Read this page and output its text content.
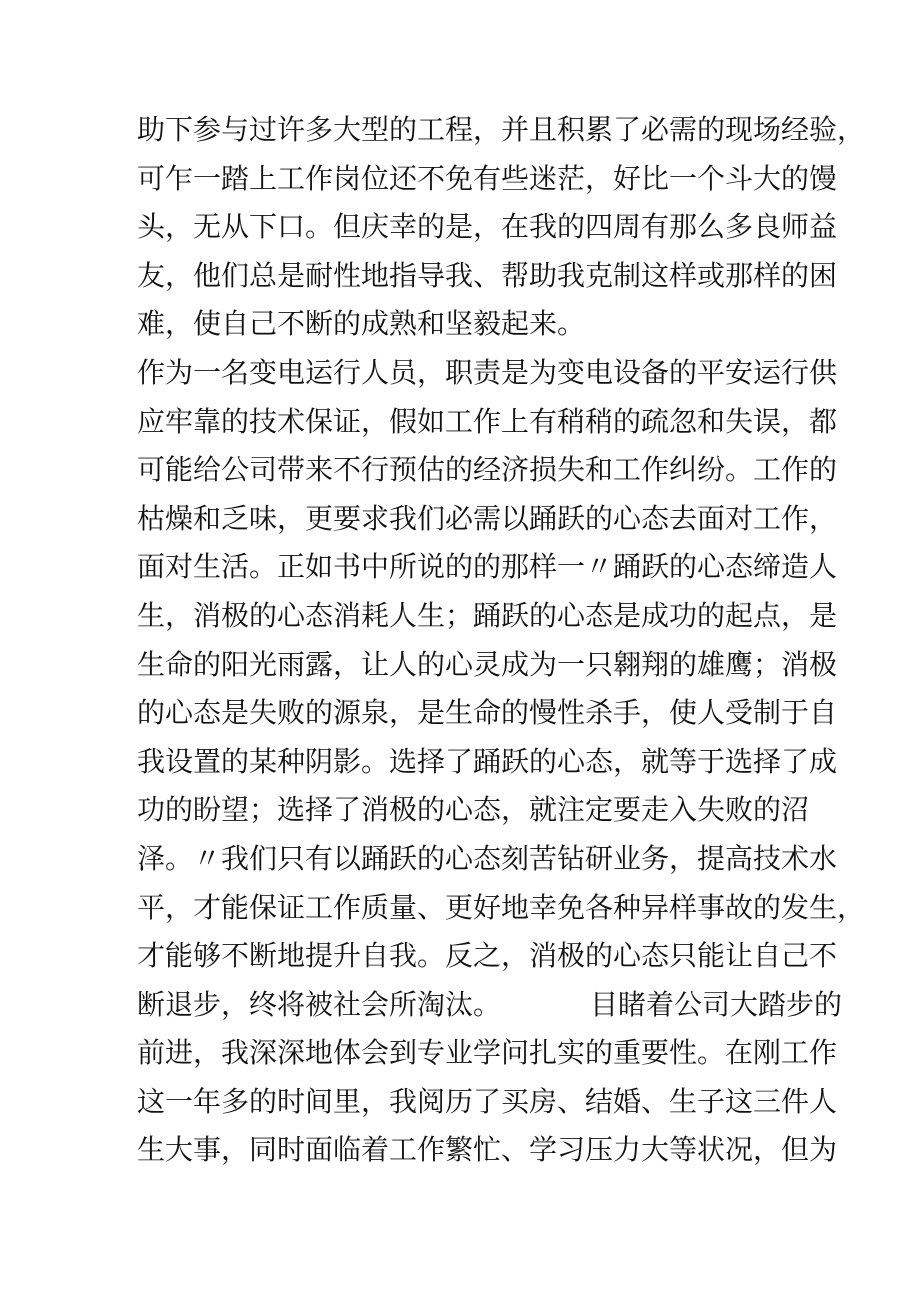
助下参与过许多大型的工程，并且积累了必需的现场经验，
可乍一踏上工作岗位还不免有些迷茫，好比一个斗大的馒
头，无从下口。但庆幸的是，在我的四周有那么多良师益
友，他们总是耐性地指导我、帮助我克制这样或那样的困
难，使自己不断的成熟和坚毅起来。
作为一名变电运行人员，职责是为变电设备的平安运行供
应牢靠的技术保证，假如工作上有稍稍的疏忽和失误，都
可能给公司带来不行预估的经济损失和工作纠纷。工作的
枯燥和乏味，更要求我们必需以踊跃的心态去面对工作，
面对生活。正如书中所说的的那样一〃踊跃的心态缔造人
生，消极的心态消耗人生；踊跃的心态是成功的起点，是
生命的阳光雨露，让人的心灵成为一只翱翔的雄鹰；消极
的心态是失败的源泉，是生命的慢性杀手，使人受制于自
我设置的某种阴影。选择了踊跃的心态，就等于选择了成
功的盼望；选择了消极的心态，就注定要走入失败的沼
泽。〃我们只有以踊跃的心态刻苦钻研业务，提高技术水
平，才能保证工作质量、更好地幸免各种异样事故的发生，
才能够不断地提升自我。反之，消极的心态只能让自己不
断退步，终将被社会所淘汰。          目睹着公司大踏步的
前进，我深深地体会到专业学问扎实的重要性。在刚工作
这一年多的时间里，我阅历了买房、结婚、生子这三件人
生大事，同时面临着工作繁忙、学习压力大等状况，但为
